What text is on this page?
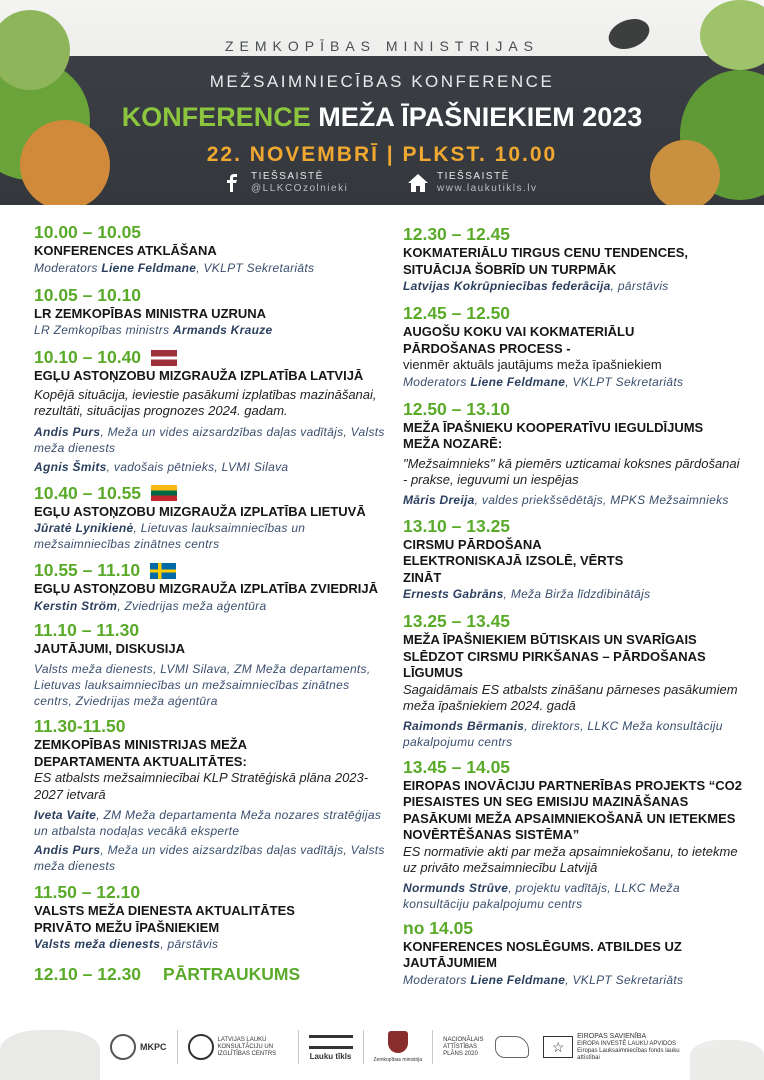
ZEMKOPĪBAS MINISTRIJAS
MEŽSAIMNIECĪBAS KONFERENCE
KONFERENCE MEŽA ĪPAŠNIEKIEM 2023
22. NOVEMBRĪ | PLKST. 10.00
TIEŠSAISTĒ
@LLKCOzolnieki
TIEŠSAISTĒ
www.laukutikls.lv
10.00 – 10.05
KONFERENCES ATKLĀŠANA
Moderators Liene Feldmane, VKLPT Sekretariāts
10.05 – 10.10
LR ZEMKOPĪBAS MINISTRA UZRUNA
LR Zemkopības ministrs Armands Krauze
10.10 – 10.40
EGĻU ASTOŅZOBU MIZGRAUŽA IZPLATĪBA LATVIJĀ
Kopējā situācija, ieviestie pasākumi izplatības mazināšanai, rezultāti, situācijas prognozes 2024. gadam.
Andis Purs, Meža un vides aizsardzības daļas vadītājs, Valsts meža dienests
Agnis Šmits, vadošais pētnieks, LVMI Silava
10.40 – 10.55
EGĻU ASTOŅZOBU MIZGRAUŽA IZPLATĪBA LIETUVĀ
Jūratė Lynikienė, Lietuvas lauksaimniecības un mežsaimniecības zinātnes centrs
10.55 – 11.10
EGĻU ASTOŅZOBU MIZGRAUŽA IZPLATĪBA ZVIEDRIJĀ
Kerstin Ström, Zviedrijas meža aģentūra
11.10 – 11.30
JAUTĀJUMI, DISKUSIJA
Valsts meža dienests, LVMI Silava, ZM Meža departaments, Lietuvas lauksaimniecības un mežsaimniecības zinātnes centrs, Zviedrijas meža aģentūra
11.30-11.50
ZEMKOPĪBAS MINISTRIJAS MEŽA DEPARTAMENTA AKTUALITĀTES:
ES atbalsts mežsaimniecībai KLP Stratēģiskā plāna 2023-2027 ietvarā
Iveta Vaite, ZM Meža departamenta Meža nozares stratēģijas un atbalsta nodaļas vecākā eksperte
Andis Purs, Meža un vides aizsardzības daļas vadītājs, Valsts meža dienests
11.50 – 12.10
VALSTS MEŽA DIENESTA AKTUALITĀTES PRIVĀTO MEŽU ĪPAŠNIEKIEM
Valsts meža dienests, pārstāvis
12.10 – 12.30 PĀRTRAUKUMS
12.30 – 12.45
KOKMATERIĀLU TIRGUS CENU TENDENCES, SITUĀCIJA ŠOBRĪD UN TURPMĀK
Latvijas Kokrūpniecības federācija, pārstāvis
12.45 – 12.50
AUGOŠU KOKU VAI KOKMATERIĀLU PĀRDOŠANAS PROCESS -
vienmēr aktuāls jautājums meža īpašniekiem
Moderators Liene Feldmane, VKLPT Sekretariāts
12.50 – 13.10
MEŽA ĪPAŠNIEKU KOOPERATĪVU IEGULDĪJUMS MEŽA NOZARĒ:
"Mežsaimnieks" kā piemērs uzticamai koksnes pārdošanai - prakse, ieguvumi un iespējas
Māris Dreija, valdes priekšsēdētājs, MPKS Mežsaimnieks
13.10 – 13.25
CIRSMU PĀRDOŠANA ELEKTRONISKAJĀ IZSOLĒ, VĒRTS ZINĀT
Ernests Gabrāns, Meža Birža līdzdibinātājs
13.25 – 13.45
MEŽA ĪPAŠNIEKIEM BŪTISKAIS UN SVARĪGAIS SLĒDZOT CIRSMU PIRKŠANAS – PĀRDOŠANAS LĪGUMUS
Sagaidāmais ES atbalsts zināšanu pārneses pasākumiem meža īpašniekiem 2024. gadā
Raimonds Bērmanis, direktors, LLKC Meža konsultāciju pakalpojumu centrs
13.45 – 14.05
EIROPAS INOVĀCIJU PARTNERĪBAS PROJEKTS “CO2 PIESAISTES UN SEG EMISIJU MAZINĀŠANAS PASĀKUMI MEŽA APSAIMNIEKOŠANĀ UN IETEKMES NOVĒRTĒŠANAS SISTĒMA”
ES normatīvie akti par meža apsaimniekošanu, to ietekme uz privāto mežsaimniecību Latvijā
Normunds Strūve, projektu vadītājs, LLKC Meža konsultāciju pakalpojumu centrs
no 14.05
KONFERENCES NOSLĒGUMS. ATBILDES UZ JAUTĀJUMIEM
Moderators Liene Feldmane, VKLPT Sekretariāts
MKPC
LATVIJAS LAUKU KONSULTĀCIJU UN IZGLĪTĪBAS CENTRS	Lauku tīkls	Zemkopības ministrija
NACIONĀLAIS ATTĪSTĪBAS PLĀNS 2020	☆
EIROPAS SAVIENĪBA
EIROPA INVESTĒ LAUKU APVIDOS Eiropas Lauksaimniecības fonds lauku attīstībai
